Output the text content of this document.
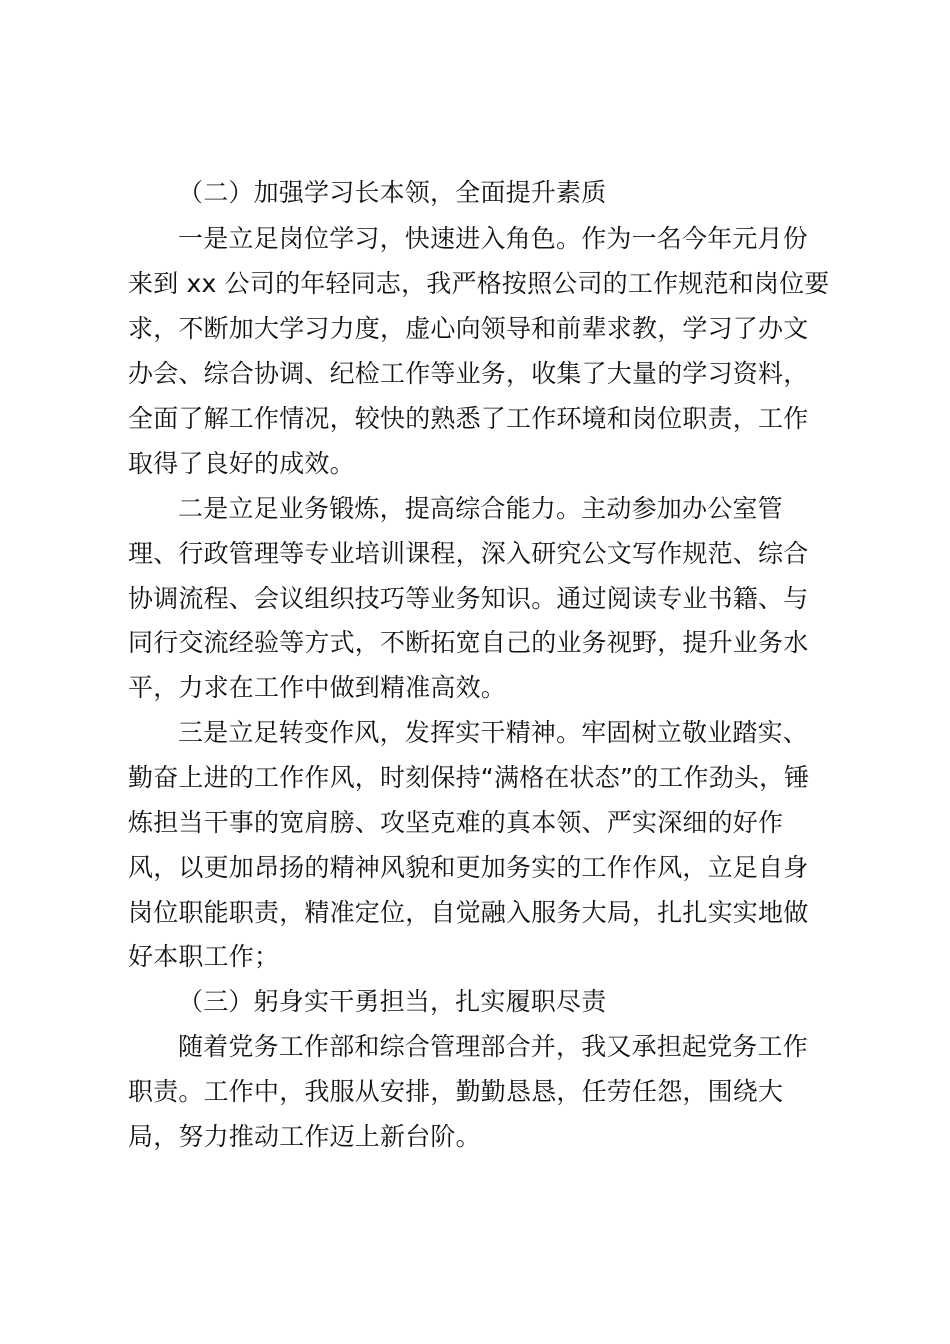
（二）加强学习长本领，全面提升素质
一是立足岗位学习，快速进入角色。作为一名今年元月份
来到 xx 公司的年轻同志，我严格按照公司的工作规范和岗位要
求，不断加大学习力度，虚心向领导和前辈求教，学习了办文
办会、综合协调、纪检工作等业务，收集了大量的学习资料，
全面了解工作情况，较快的熟悉了工作环境和岗位职责，工作
取得了良好的成效。
二是立足业务锻炼，提高综合能力。主动参加办公室管
理、行政管理等专业培训课程，深入研究公文写作规范、综合
协调流程、会议组织技巧等业务知识。通过阅读专业书籍、与
同行交流经验等方式，不断拓宽自己的业务视野，提升业务水
平，力求在工作中做到精准高效。
三是立足转变作风，发挥实干精神。牢固树立敬业踏实、
勤奋上进的工作作风，时刻保持“满格在状态”的工作劲头，锤
炼担当干事的宽肩膀、攻坚克难的真本领、严实深细的好作
风，以更加昂扬的精神风貌和更加务实的工作作风，立足自身
岗位职能职责，精准定位，自觉融入服务大局，扎扎实实地做
好本职工作；
（三）躬身实干勇担当，扎实履职尽责
随着党务工作部和综合管理部合并，我又承担起党务工作
职责。工作中，我服从安排，勤勤恳恳，任劳任怨，围绕大
局，努力推动工作迈上新台阶。
